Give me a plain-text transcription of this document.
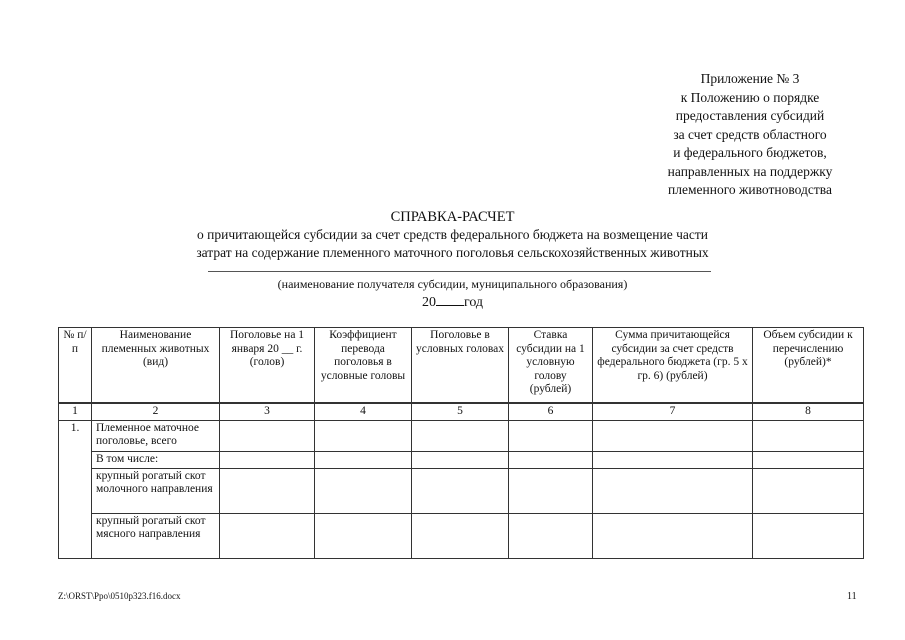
Приложение № 3
к Положению о порядке
предоставления субсидий
за счет средств областного
и федерального бюджетов,
направленных на поддержку
племенного животноводства
СПРАВКА-РАСЧЕТ
о причитающейся субсидии за счет средств федерального бюджета на возмещение части
затрат на содержание племенного маточного поголовья сельскохозяйственных животных
(наименование получателя субсидии, муниципального образования)
20 год
№ п/п	Наименование племенных животных (вид)	Поголовье на 1 января 20 __ г. (голов)	Коэффициент перевода поголовья в условные головы	Поголовье в условных головах	Ставка субсидии на 1 условную голову (рублей)	Сумма причитающейся субсидии за счет средств федерального бюджета (гр. 5 х гр. 6) (рублей)	Объем субсидии к перечислению (рублей)*
1	2	3	4	5	6	7	8
1.	Племенное маточное поголовье, всего						
	В том числе:						
	крупный рогатый скот молочного направления						
	крупный рогатый скот мясного направления						
Z:\ORST\Ppo\0510p323.f16.docx	11
